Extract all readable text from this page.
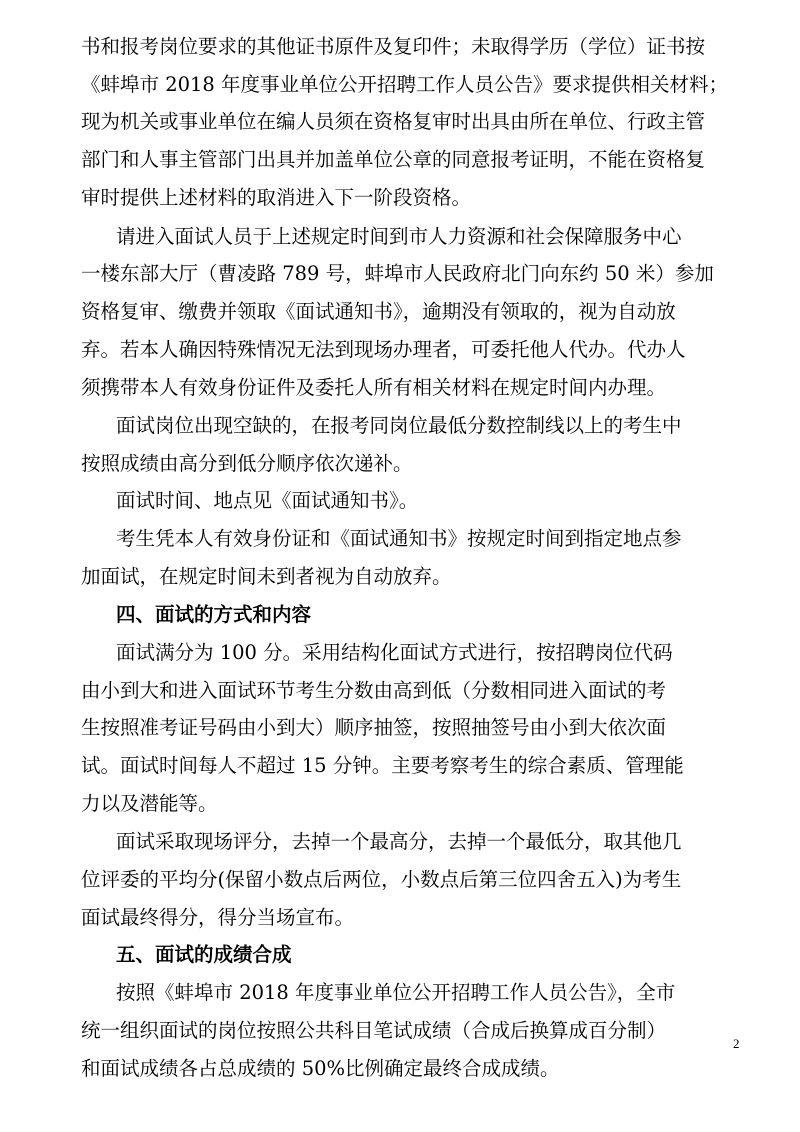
书和报考岗位要求的其他证书原件及复印件；未取得学历（学位）证书按
《蚌埠市 2018 年度事业单位公开招聘工作人员公告》要求提供相关材料；
现为机关或事业单位在编人员须在资格复审时出具由所在单位、行政主管
部门和人事主管部门出具并加盖单位公章的同意报考证明，不能在资格复
审时提供上述材料的取消进入下一阶段资格。
请进入面试人员于上述规定时间到市人力资源和社会保障服务中心
一楼东部大厅（曹凌路 789 号，蚌埠市人民政府北门向东约 50 米）参加
资格复审、缴费并领取《面试通知书》，逾期没有领取的，视为自动放
弃。若本人确因特殊情况无法到现场办理者，可委托他人代办。代办人
须携带本人有效身份证件及委托人所有相关材料在规定时间内办理。
面试岗位出现空缺的，在报考同岗位最低分数控制线以上的考生中
按照成绩由高分到低分顺序依次递补。
面试时间、地点见《面试通知书》。
考生凭本人有效身份证和《面试通知书》按规定时间到指定地点参
加面试，在规定时间未到者视为自动放弃。
四、面试的方式和内容
面试满分为 100 分。采用结构化面试方式进行，按招聘岗位代码
由小到大和进入面试环节考生分数由高到低（分数相同进入面试的考
生按照准考证号码由小到大）顺序抽签，按照抽签号由小到大依次面
试。面试时间每人不超过 15 分钟。主要考察考生的综合素质、管理能
力以及潜能等。
面试采取现场评分，去掉一个最高分，去掉一个最低分，取其他几
位评委的平均分(保留小数点后两位，小数点后第三位四舍五入)为考生
面试最终得分，得分当场宣布。
五、面试的成绩合成
按照《蚌埠市 2018 年度事业单位公开招聘工作人员公告》，全市
统一组织面试的岗位按照公共科目笔试成绩（合成后换算成百分制）
和面试成绩各占总成绩的 50%比例确定最终合成成绩。
2
